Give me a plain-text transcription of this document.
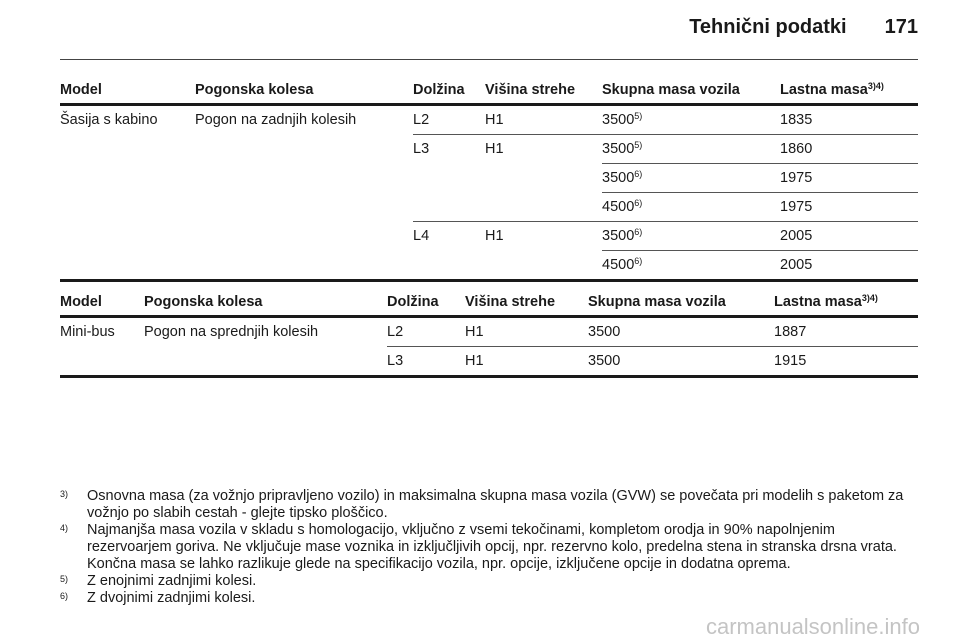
Tehnični podatki 171
Model	Pogonska kolesa	Dolžina	Višina strehe	Skupna masa vozila	Lastna masa$^{3)4)}$
Šasija s kabino	Pogon na zadnjih kolesih	L2	H1	3500$^{5)}$	1835
		L3	H1	3500$^{5)}$	1860
				3500$^{6)}$	1975
				4500$^{6)}$	1975
		L4	H1	3500$^{6)}$	2005
				4500$^{6)}$	2005
Model	Pogonska kolesa	Dolžina	Višina strehe	Skupna masa vozila	Lastna masa$^{3)4)}$
Mini-bus	Pogon na sprednjih kolesih	L2	H1	3500	1887
		L3	H1	3500	1915
3)	Osnovna masa (za vožnjo pripravljeno vozilo) in maksimalna skupna masa vozila (GVW) se povečata pri modelih s paketom za vožnjo po slabih cestah - glejte tipsko ploščico.
4)	Najmanjša masa vozila v skladu s homologacijo, vključno z vsemi tekočinami, kompletom orodja in 90% napolnjenim rezervoarjem goriva. Ne vključuje mase voznika in izključljivih opcij, npr. rezervno kolo, predelna stena in stranska drsna vrata. Končna masa se lahko razlikuje glede na specifikacijo vozila, npr. opcije, izključene opcije in dodatna oprema.
5)	Z enojnimi zadnjimi kolesi.
6)	Z dvojnimi zadnjimi kolesi.
carmanualsonline.info
